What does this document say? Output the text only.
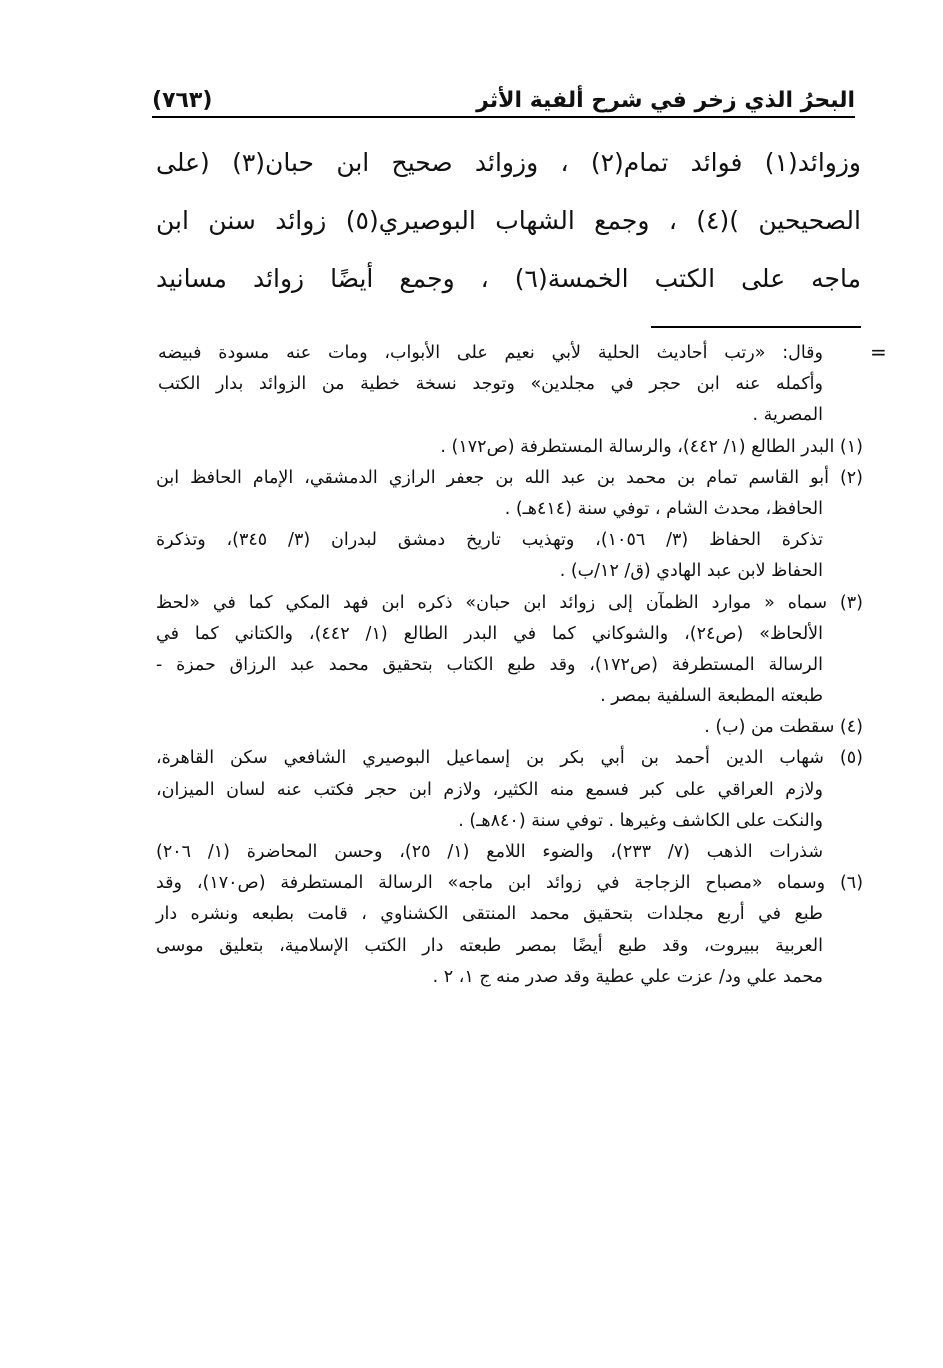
البحرُ الذي زخر في شرح ألفية الأثر
(٧٦٣)
وزوائد(١) فوائد تمام(٢) ، وزوائد صحيح ابن حبان(٣) (على
الصحيحين )(٤) ، وجمع الشهاب البوصيري(٥) زوائد سنن ابن
ماجه على الكتب الخمسة(٦) ، وجمع أيضًا زوائد مسانيد
=
وقال: «رتب أحاديث الحلية لأبي نعيم على الأبواب، ومات عنه مسودة فبيضه
وأكمله عنه ابن حجر في مجلدين» وتوجد نسخة خطية من الزوائد بدار الكتب
المصرية .
(١) البدر الطالع (١/ ٤٤٢)، والرسالة المستطرفة (ص١٧٢) .
(٢) أبو القاسم تمام بن محمد بن عبد الله بن جعفر الرازي الدمشقي، الإمام الحافظ ابن
الحافظ، محدث الشام ، توفي سنة (٤١٤هـ) .
تذكرة الحفاظ (٣/ ١٠٥٦)، وتهذيب تاريخ دمشق لبدران (٣/ ٣٤٥)، وتذكرة
الحفاظ لابن عبد الهادي (ق/ ١٢/ب) .
(٣) سماه « موارد الظمآن إلى زوائد ابن حبان» ذكره ابن فهد المكي كما في «لحظ
الألحاظ» (ص٢٤)، والشوكاني كما في البدر الطالع (١/ ٤٤٢)، والكتاني كما في
الرسالة المستطرفة (ص١٧٢)، وقد طبع الكتاب بتحقيق محمد عبد الرزاق حمزة -
طبعته المطبعة السلفية بمصر .
(٤) سقطت من (ب) .
(٥) شهاب الدين أحمد بن أبي بكر بن إسماعيل البوصيري الشافعي سكن القاهرة،
ولازم العراقي على كبر فسمع منه الكثير، ولازم ابن حجر فكتب عنه لسان الميزان،
والنكت على الكاشف وغيرها . توفي سنة (٨٤٠هـ) .
شذرات الذهب (٧/ ٢٣٣)، والضوء اللامع (١/ ٢٥)، وحسن المحاضرة (١/ ٢٠٦)
(٦) وسماه «مصباح الزجاجة في زوائد ابن ماجه» الرسالة المستطرفة (ص١٧٠)، وقد
طبع في أربع مجلدات بتحقيق محمد المنتقى الكشناوي ، قامت بطبعه ونشره دار
العربية ببيروت، وقد طبع أيضًا بمصر طبعته دار الكتب الإسلامية، بتعليق موسى
محمد علي ود/ عزت علي عطية وقد صدر منه ج ١، ٢ .
